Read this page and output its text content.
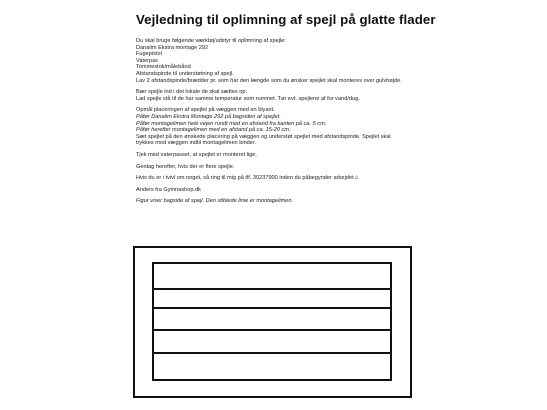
Vejledning til oplimning af spejl på glatte flader
Du skal bruge følgende værktøj/udstyr til oplimning af spejle:
Danalim Ekstra montage 292
Fugepistol
Vaterpas
Tommestok/målebånd
Afstandspinde til understøtning af spejl.
Lav 2 afstandspinde/brædder pr. som har den længde som du ønsker spejlet skal monteres over gulvhøjde.
Bær spejle ind i det lokale de skal sættes op.
Lad spejle stå til de har samme temperatur som rummet. Tør evt. spejlene af for vand/dug.
Opmål placeringen af spejlet på væggen med en blyant.
Påfør Danalim Ekstra Montage 292 på bagsiden af spejlet.
Påfør montagelimen hele vejen rundt med en afstand fra kanten på ca. 5 cm.
Påfør herefter montagelimen med en afstand på ca. 15-20 cm.
Sæt spejlet på den ønskede placering på væggen og understøt spejlet med afstandspinde. Spejlet skal
trykkes mod væggen indtil montagelimen binder.
Tjek med vaterpasset, at spejlet er monteret lige.
Gentag herefter, hvis der er flere spejle.
Hvis du er i tvivl om noget, så ring til mig på tlf. 30237900 inden du påbegynder arbejdet☺
Anders fra Gymnashop.dk
Figur viser bagside af spejl. Den stiblede linie er montagelimen.
